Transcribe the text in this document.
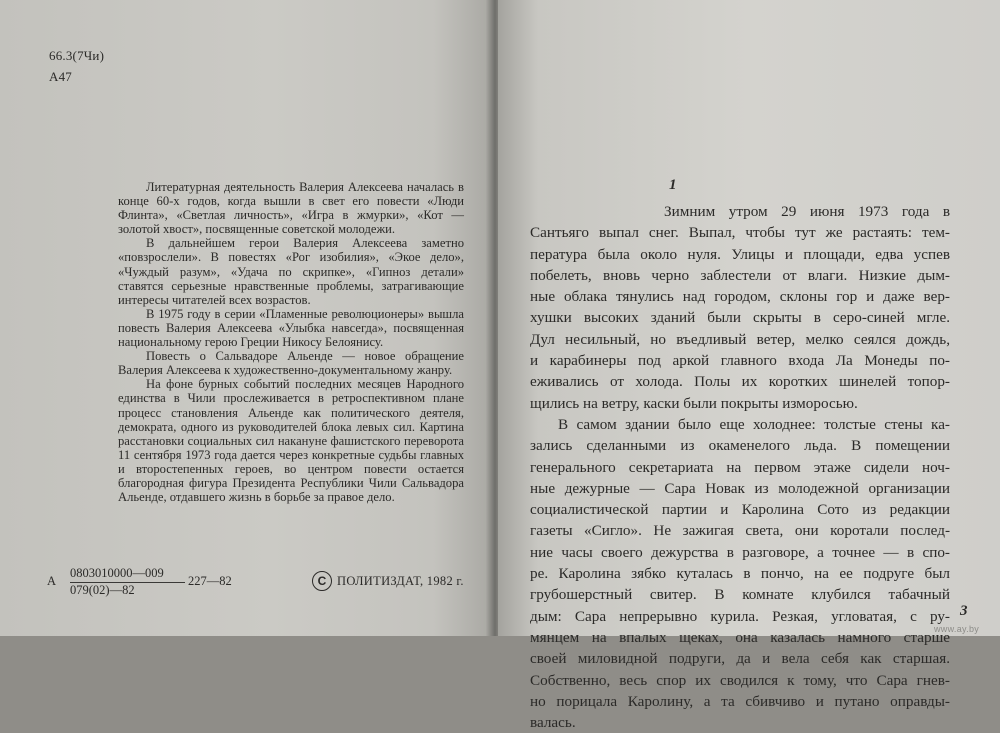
66.3(7Чи)
А47

Литературная деятельность Валерия Алексеева началась в конце 60-х годов, когда вышли в свет его повести «Люди Флинта», «Светлая личность», «Игра в жмурки», «Кот — золотой хвост», посвященные советской молодежи.

В дальнейшем герои Валерия Алексеева заметно «повзрослели». В повестях «Рог изобилия», «Экое дело», «Чуждый разум», «Удача по скрипке», «Гипноз детали» ставятся серьезные нравственные проблемы, затрагивающие интересы читателей всех возрастов.

В 1975 году в серии «Пламенные революционеры» вышла повесть Валерия Алексеева «Улыбка навсегда», посвященная национальному герою Греции Никосу Белоянису.

Повесть о Сальвадоре Альенде — новое обращение Валерия Алексеева к художественно-документальному жанру.

На фоне бурных событий последних месяцев Народного единства в Чили прослеживается в ретроспективном плане процесс становления Альенде как политического деятеля, демократа, одного из руководителей блока левых сил. Картина расстановки социальных сил накануне фашистского переворота 11 сентября 1973 года дается через конкретные судьбы главных и второстепенных героев, во центром повести остается благородная фигура Президента Республики Чили Сальвадора Альенде, отдавшего жизнь в борьбе за правое дело.

А
0803010000—009
079(02)—82
227—82	C ПОЛИТИЗДАТ, 1982 г.
1
Зимним утром 29 июня 1973 года в
Сантьяго выпал снег. Выпал, чтобы тут же растаять: тем-
пература была около нуля. Улицы и площади, едва успев
побелеть, вновь черно заблестели от влаги. Низкие дым-
ные облака тянулись над городом, склоны гор и даже вер-
хушки высоких зданий были скрыты в серо-синей мгле.
Дул несильный, но въедливый ветер, мелко сеялся дождь,
и карабинеры под аркой главного входа Ла Монеды по-
еживались от холода. Полы их коротких шинелей топор-
щились на ветру, каски были покрыты изморосью.
В самом здании было еще холоднее: толстые стены ка-
зались сделанными из окаменелого льда. В помещении
генерального секретариата на первом этаже сидели ноч-
ные дежурные — Сара Новак из молодежной организации
социалистической партии и Каролина Сото из редакции
газеты «Сигло». Не зажигая света, они коротали послед-
ние часы своего дежурства в разговоре, а точнее — в спо-
ре. Каролина зябко куталась в пончо, на ее подруге был
грубошерстный свитер. В комнате клубился табачный
дым: Сара непрерывно курила. Резкая, угловатая, с ру-
мянцем на впалых щеках, она казалась намного старше
своей миловидной подруги, да и вела себя как старшая.
Собственно, весь спор их сводился к тому, что Сара гнев-
но порицала Каролину, а та сбивчиво и путано оправды-
валась.
3
www.ay.by
